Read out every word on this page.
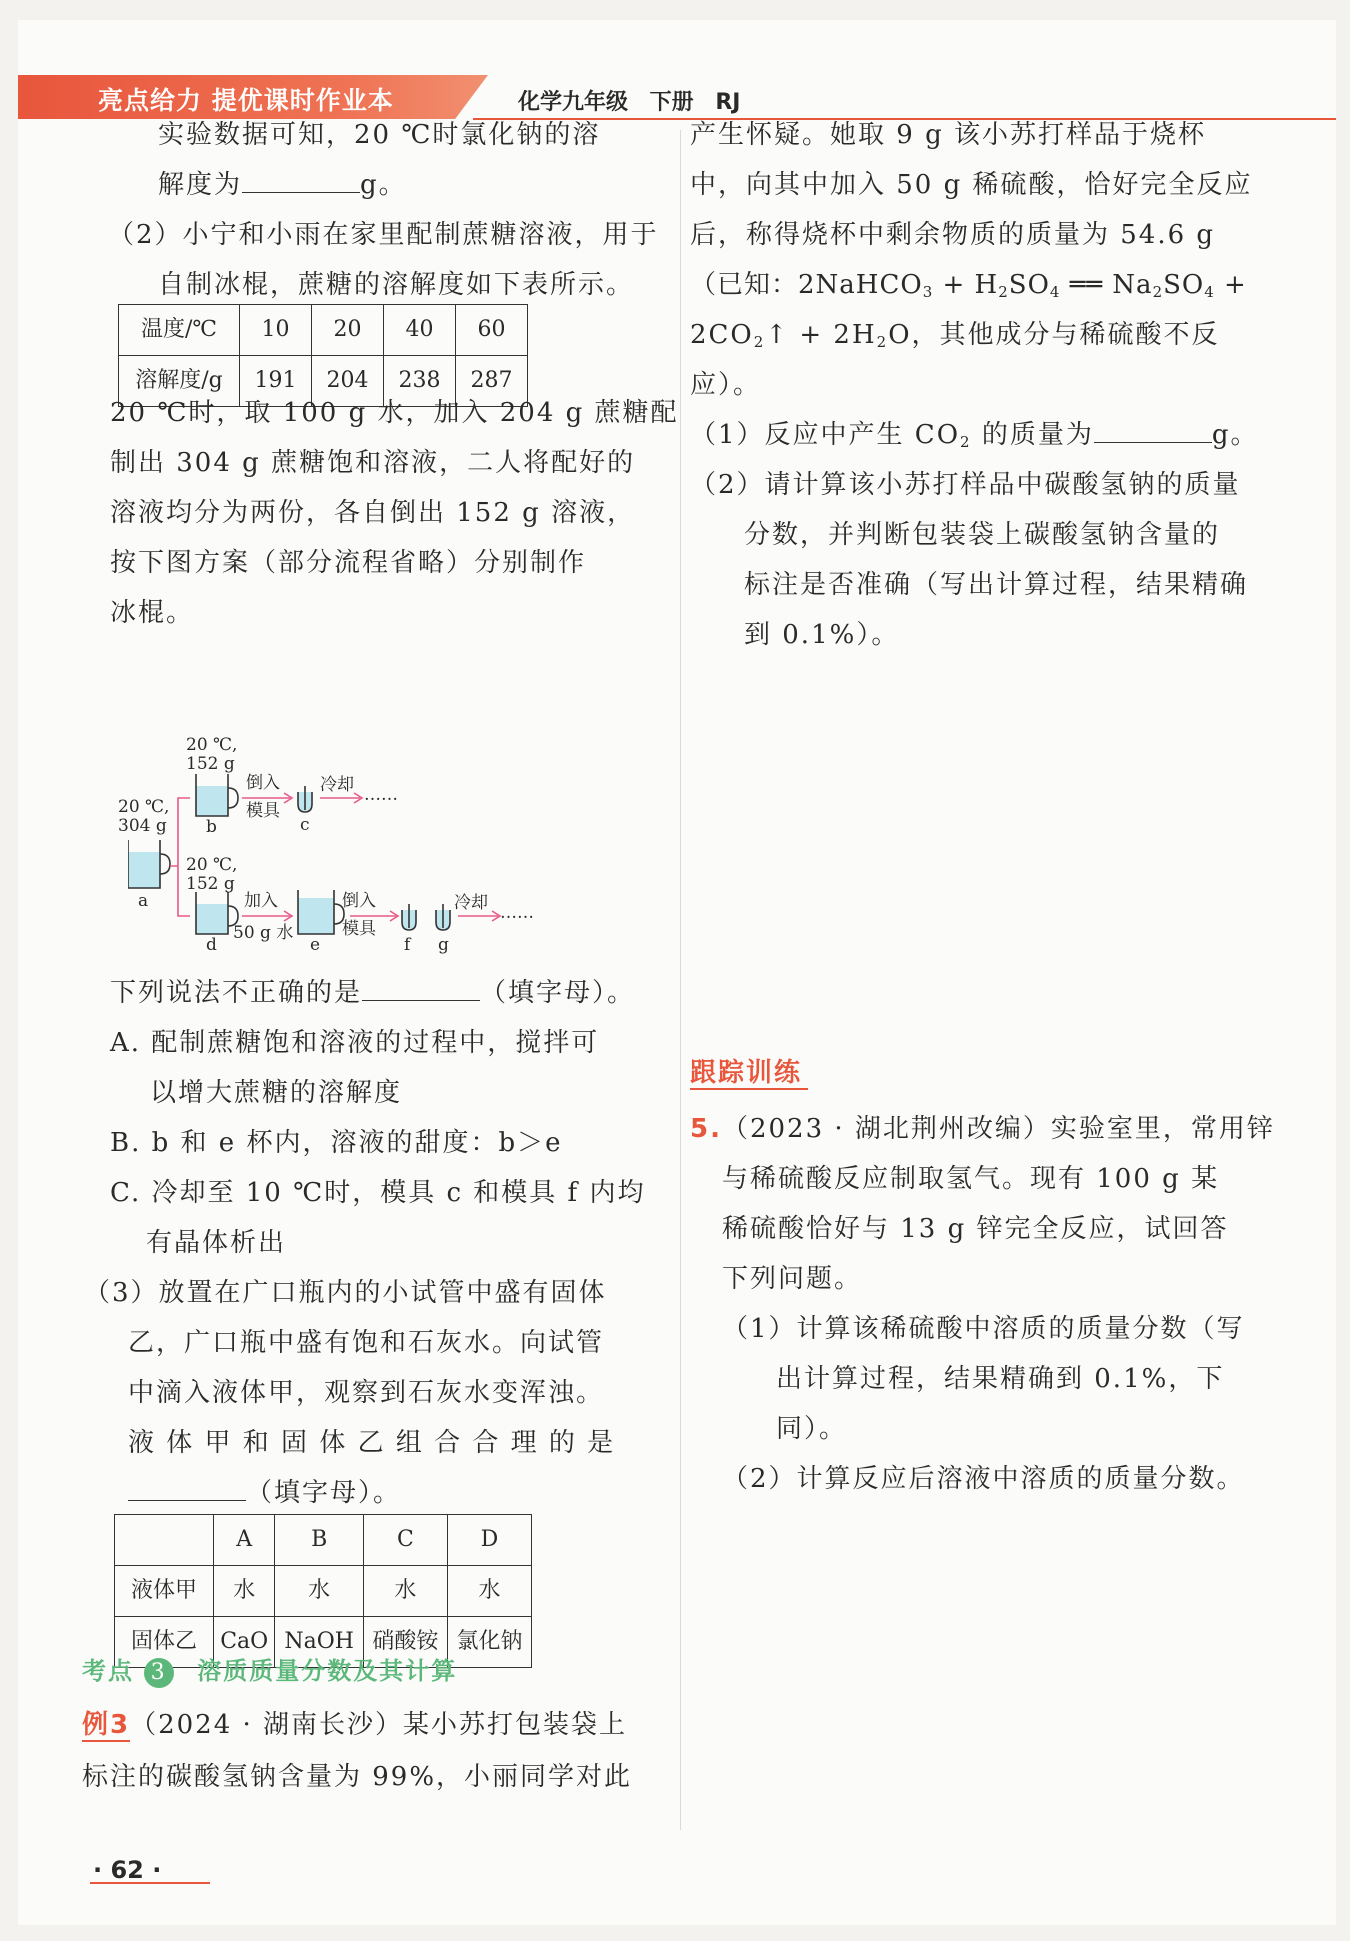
亮点给力 提优课时作业本	化学九年级 下册 RJ
实验数据可知，20 ℃时氯化钠的溶
解度为	g。
（2）小宁和小雨在家里配制蔗糖溶液，用于
自制冰棍，蔗糖的溶解度如下表所示。
温度/℃	10	20	40	60
溶解度/g	191	204	238	287
20 ℃时，取 100 g 水，加入 204 g 蔗糖配
制出 304 g 蔗糖饱和溶液，二人将配好的
溶液均分为两份，各自倒出 152 g 溶液，
按下图方案（部分流程省略）分别制作
冰棍。
20 ℃,
304 g
a
20 ℃,
152 g
b
倒入
模具
c
冷却 ……
20 ℃,
152 g
d
加入
50 g 水
e
倒入
模具
f g
冷却 ……
下列说法不正确的是	（填字母）。
A. 配制蔗糖饱和溶液的过程中，搅拌可
以增大蔗糖的溶解度
B. b 和 e 杯内，溶液的甜度：b＞e
C. 冷却至 10 ℃时，模具 c 和模具 f 内均
有晶体析出
（3）放置在广口瓶内的小试管中盛有固体
乙，广口瓶中盛有饱和石灰水。向试管
中滴入液体甲，观察到石灰水变浑浊。
液 体 甲 和 固 体 乙 组 合 合 理 的 是
（填字母）。
	A	B	C	D
液体甲	水	水	水	水
固体乙	CaO	NaOH	硝酸铵	氯化钠
考点 3 溶质质量分数及其计算
例3（2024 · 湖南长沙）某小苏打包装袋上
标注的碳酸氢钠含量为 99%，小丽同学对此
产生怀疑。她取 9 g 该小苏打样品于烧杯
中，向其中加入 50 g 稀硫酸，恰好完全反应
后，称得烧杯中剩余物质的质量为 54.6 g
（已知：2NaHCO$_3$ + $H_2SO_4$ ══ $Na_2SO_4$ +
$2CO_2↑ + 2H_2O$，其他成分与稀硫酸不反
应）。
（1）反应中产生 $CO_2$ 的质量为	g。
（2）请计算该小苏打样品中碳酸氢钠的质量
分数，并判断包装袋上碳酸氢钠含量的
标注是否准确（写出计算过程，结果精确
到 0.1%）。
跟踪训练
5.（2023 · 湖北荆州改编）实验室里，常用锌
与稀硫酸反应制取氢气。现有 100 g 某
稀硫酸恰好与 13 g 锌完全反应，试回答
下列问题。
（1）计算该稀硫酸中溶质的质量分数（写
出计算过程，结果精确到 0.1%，下
同）。
（2）计算反应后溶液中溶质的质量分数。
· 62 ·
